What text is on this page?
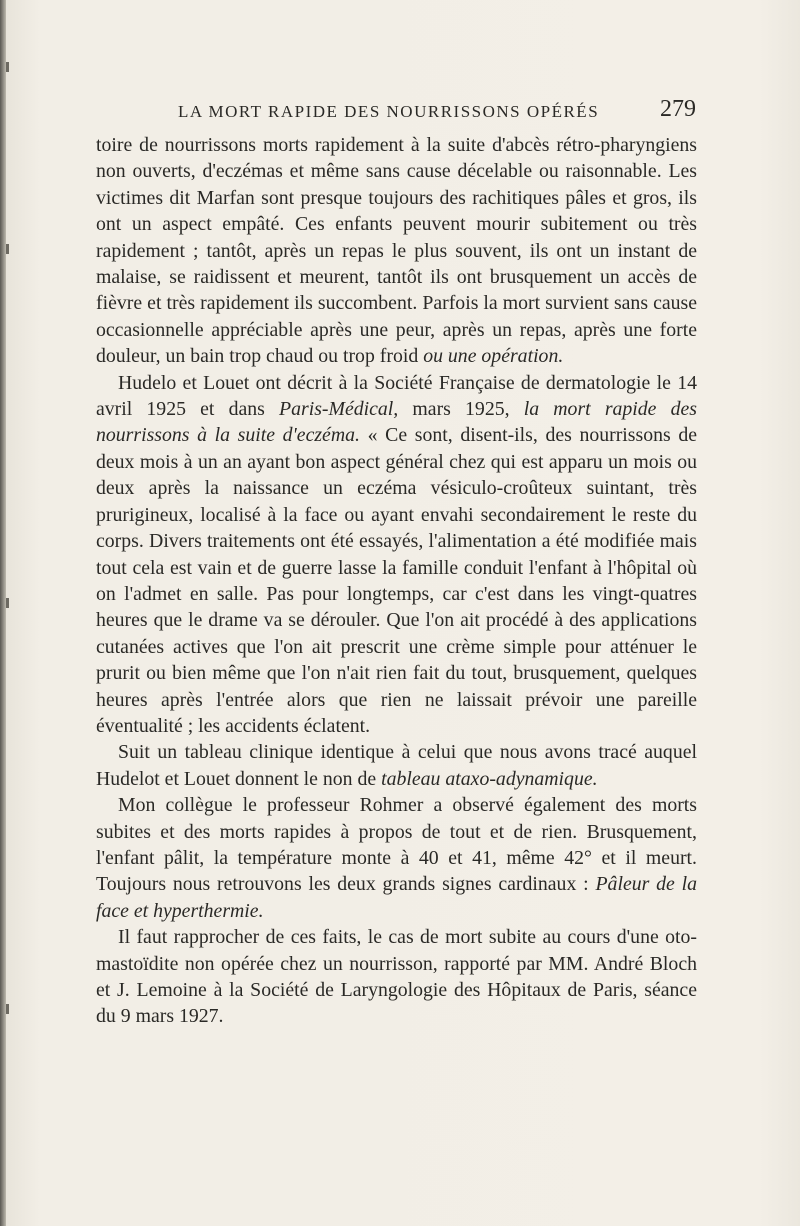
LA MORT RAPIDE DES NOURRISSONS OPÉRÉS	279

toire de nourrissons morts rapidement à la suite d'abcès rétro-pharyngiens non ouverts, d'eczémas et même sans cause décelable ou raisonnable. Les victimes dit Marfan sont presque toujours des rachitiques pâles et gros, ils ont un aspect empâté. Ces enfants peuvent mourir subitement ou très rapidement ; tantôt, après un repas le plus souvent, ils ont un instant de malaise, se raidissent et meurent, tantôt ils ont brusquement un accès de fièvre et très rapidement ils succombent. Parfois la mort survient sans cause occasionnelle appréciable après une peur, après un repas, après une forte douleur, un bain trop chaud ou trop froid ou une opération.

Hudelo et Louet ont décrit à la Société Française de dermatologie le 14 avril 1925 et dans Paris-Médical, mars 1925, la mort rapide des nourrissons à la suite d'eczéma. « Ce sont, disent-ils, des nourrissons de deux mois à un an ayant bon aspect général chez qui est apparu un mois ou deux après la naissance un eczéma vésiculo-croûteux suintant, très prurigineux, localisé à la face ou ayant envahi secondairement le reste du corps. Divers traitements ont été essayés, l'alimentation a été modifiée mais tout cela est vain et de guerre lasse la famille conduit l'enfant à l'hôpital où on l'admet en salle. Pas pour longtemps, car c'est dans les vingt-quatres heures que le drame va se dérouler. Que l'on ait procédé à des applications cutanées actives que l'on ait prescrit une crème simple pour atténuer le prurit ou bien même que l'on n'ait rien fait du tout, brusquement, quelques heures après l'entrée alors que rien ne laissait prévoir une pareille éventualité ; les accidents éclatent.

Suit un tableau clinique identique à celui que nous avons tracé auquel Hudelot et Louet donnent le non de tableau ataxo-adynamique.

Mon collègue le professeur Rohmer a observé également des morts subites et des morts rapides à propos de tout et de rien. Brusquement, l'enfant pâlit, la température monte à 40 et 41, même 42° et il meurt. Toujours nous retrouvons les deux grands signes cardinaux : Pâleur de la face et hyperthermie.

Il faut rapprocher de ces faits, le cas de mort subite au cours d'une oto-mastoïdite non opérée chez un nourrisson, rapporté par MM. André Bloch et J. Lemoine à la Société de Laryngologie des Hôpitaux de Paris, séance du 9 mars 1927.
